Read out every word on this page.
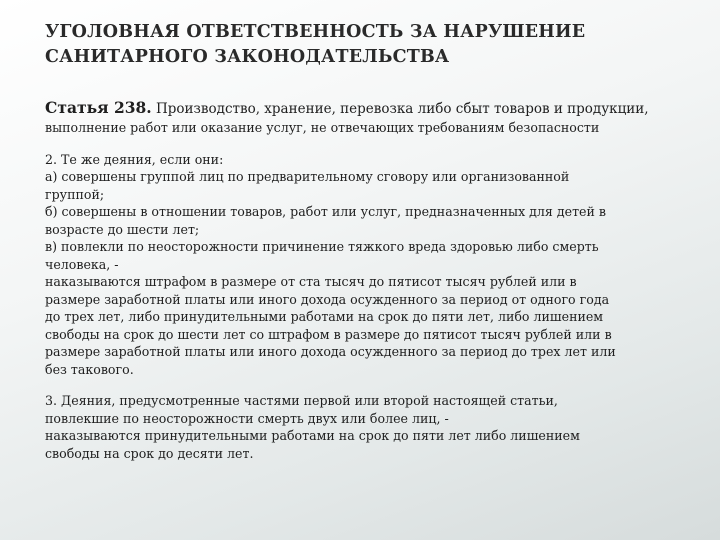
УГОЛОВНАЯ ОТВЕТСТВЕННОСТЬ ЗА НАРУШЕНИЕ
САНИТАРНОГО ЗАКОНОДАТЕЛЬСТВА
Статья 238. Производство, хранение, перевозка либо сбыт товаров и продукции,
выполнение работ или оказание услуг, не отвечающих требованиям безопасности
2. Те же деяния, если они:
а) совершены группой лиц по предварительному сговору или организованной
группой;
б) совершены в отношении товаров, работ или услуг, предназначенных для детей в
возрасте до шести лет;
в) повлекли по неосторожности причинение тяжкого вреда здоровью либо смерть
человека, -
наказываются штрафом в размере от ста тысяч до пятисот тысяч рублей или в
размере заработной платы или иного дохода осужденного за период от одного года
до трех лет, либо принудительными работами на срок до пяти лет, либо лишением
свободы на срок до шести лет со штрафом в размере до пятисот тысяч рублей или в
размере заработной платы или иного дохода осужденного за период до трех лет или
без такового.
3. Деяния, предусмотренные частями первой или второй настоящей статьи,
повлекшие по неосторожности смерть двух или более лиц, -
наказываются принудительными работами на срок до пяти лет либо лишением
свободы на срок до десяти лет.
